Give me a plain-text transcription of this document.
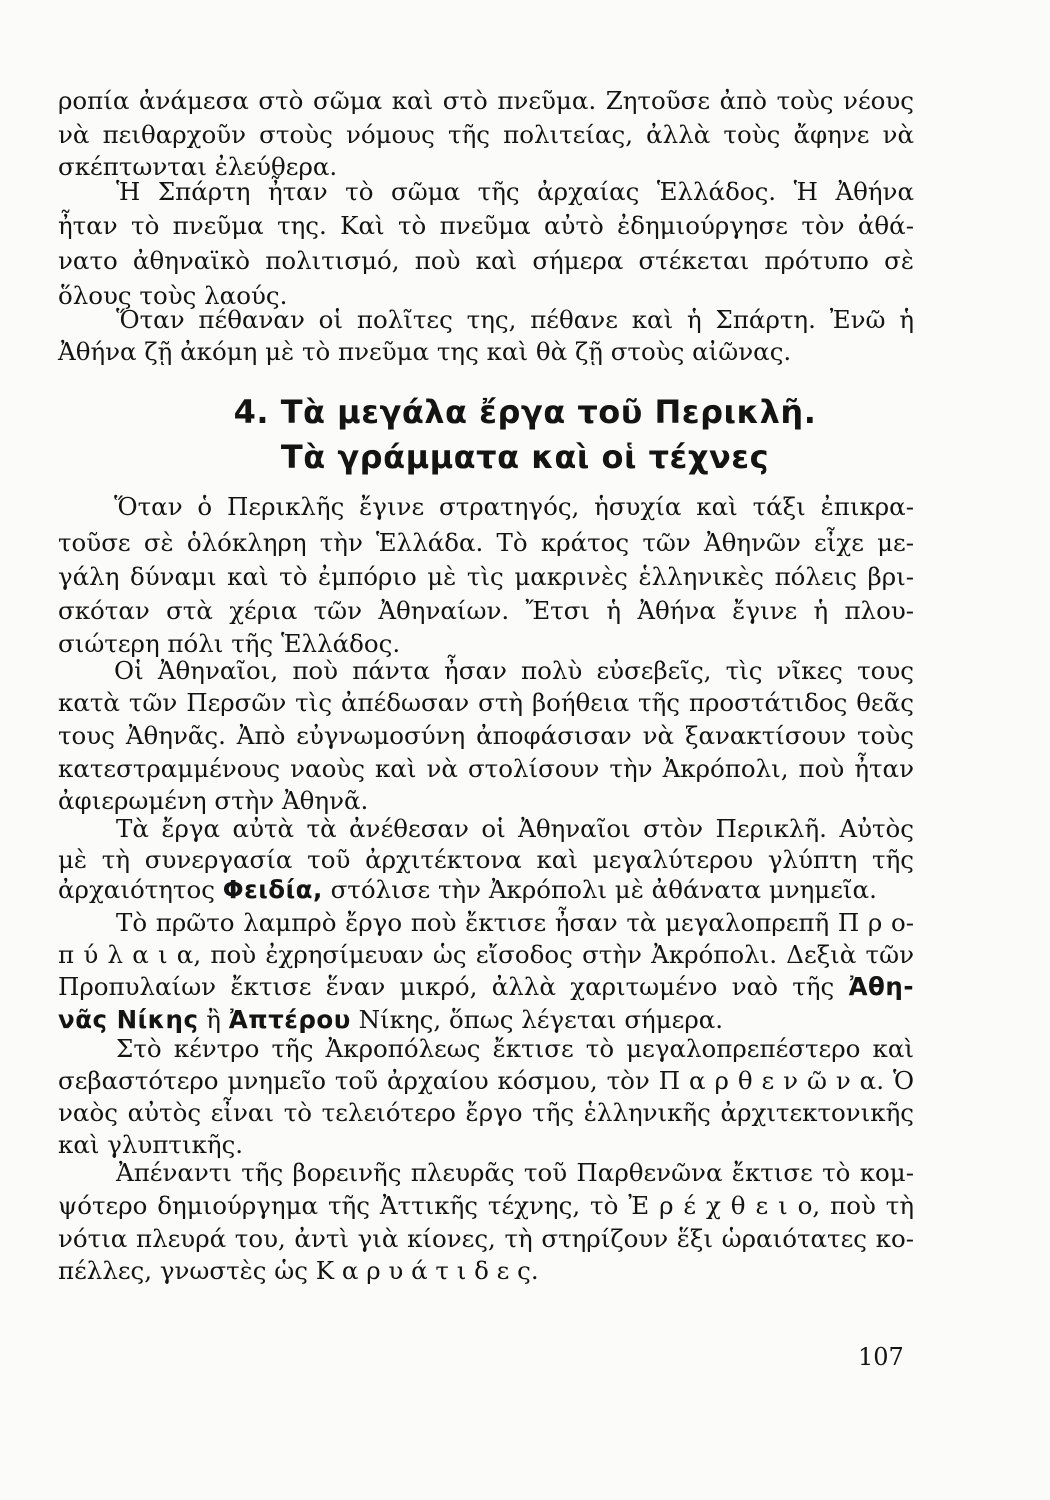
ροπία ἀνάμεσα στὸ σῶμα καὶ στὸ πνεῦμα. Ζητοῦσε ἀπὸ τοὺς νέους
νὰ πειθαρχοῦν στοὺς νόμους τῆς πολιτείας, ἀλλὰ τοὺς ἄφηνε νὰ
σκέπτωνται ἐλεύθερα.
Ἡ Σπάρτη ἦταν τὸ σῶμα τῆς ἀρχαίας Ἑλλάδος. Ἡ Ἀθήνα
ἦταν τὸ πνεῦμα της. Καὶ τὸ πνεῦμα αὐτὸ ἐδημιούργησε τὸν ἀθά-
νατο ἀθηναϊκὸ πολιτισμό, ποὺ καὶ σήμερα στέκεται πρότυπο σὲ
ὅλους τοὺς λαούς.
Ὅταν πέθαναν οἱ πολῖτες της, πέθανε καὶ ἡ Σπάρτη. Ἐνῶ ἡ
Ἀθήνα ζῇ ἀκόμη μὲ τὸ πνεῦμα της καὶ θὰ ζῇ στοὺς αἰῶνας.
4. Τὰ μεγάλα ἔργα τοῦ Περικλῆ.
Τὰ γράμματα καὶ οἱ τέχνες
Ὅταν ὁ Περικλῆς ἔγινε στρατηγός, ἡσυχία καὶ τάξι ἐπικρα-
τοῦσε σὲ ὁλόκληρη τὴν Ἑλλάδα. Τὸ κράτος τῶν Ἀθηνῶν εἶχε με-
γάλη δύναμι καὶ τὸ ἐμπόριο μὲ τὶς μακρινὲς ἑλληνικὲς πόλεις βρι-
σκόταν στὰ χέρια τῶν Ἀθηναίων. Ἔτσι ἡ Ἀθήνα ἔγινε ἡ πλου-
σιώτερη πόλι τῆς Ἑλλάδος.
Οἱ Ἀθηναῖοι, ποὺ πάντα ἦσαν πολὺ εὐσεβεῖς, τὶς νῖκες τους
κατὰ τῶν Περσῶν τὶς ἀπέδωσαν στὴ βοήθεια τῆς προστάτιδος θεᾶς
τους Ἀθηνᾶς. Ἀπὸ εὐγνωμοσύνη ἀποφάσισαν νὰ ξανακτίσουν τοὺς
κατεστραμμένους ναοὺς καὶ νὰ στολίσουν τὴν Ἀκρόπολι, ποὺ ἦταν
ἀφιερωμένη στὴν Ἀθηνᾶ.
Τὰ ἔργα αὐτὰ τὰ ἀνέθεσαν οἱ Ἀθηναῖοι στὸν Περικλῆ. Αὐτὸς
μὲ τὴ συνεργασία τοῦ ἀρχιτέκτονα καὶ μεγαλύτερου γλύπτη τῆς
ἀρχαιότητος Φειδία, στόλισε τὴν Ἀκρόπολι μὲ ἀθάνατα μνημεῖα.
Τὸ πρῶτο λαμπρὸ ἔργο ποὺ ἔκτισε ἦσαν τὰ μεγαλοπρεπῆ Π ρ ο-
π ύ λ α ι α, ποὺ ἐχρησίμευαν ὡς εἴσοδος στὴν Ἀκρόπολι. Δεξιὰ τῶν
Προπυλαίων ἔκτισε ἕναν μικρό, ἀλλὰ χαριτωμένο ναὸ τῆς Ἀθη-
νᾶς Νίκης ἢ Ἀπτέρου Νίκης, ὅπως λέγεται σήμερα.
Στὸ κέντρο τῆς Ἀκροπόλεως ἔκτισε τὸ μεγαλοπρεπέστερο καὶ
σεβαστότερο μνημεῖο τοῦ ἀρχαίου κόσμου, τὸν Π α ρ θ ε ν ῶ ν α. Ὁ
ναὸς αὐτὸς εἶναι τὸ τελειότερο ἔργο τῆς ἑλληνικῆς ἀρχιτεκτονικῆς
καὶ γλυπτικῆς.
Ἀπέναντι τῆς βορεινῆς πλευρᾶς τοῦ Παρθενῶνα ἔκτισε τὸ κομ-
ψότερο δημιούργημα τῆς Ἀττικῆς τέχνης, τὸ Ἐ ρ έ χ θ ε ι ο, ποὺ τὴ
νότια πλευρά του, ἀντὶ γιὰ κίονες, τὴ στηρίζουν ἕξι ὡραιότατες κο-
πέλλες, γνωστὲς ὡς Κ α ρ υ ά τ ι δ ε ς.
107
